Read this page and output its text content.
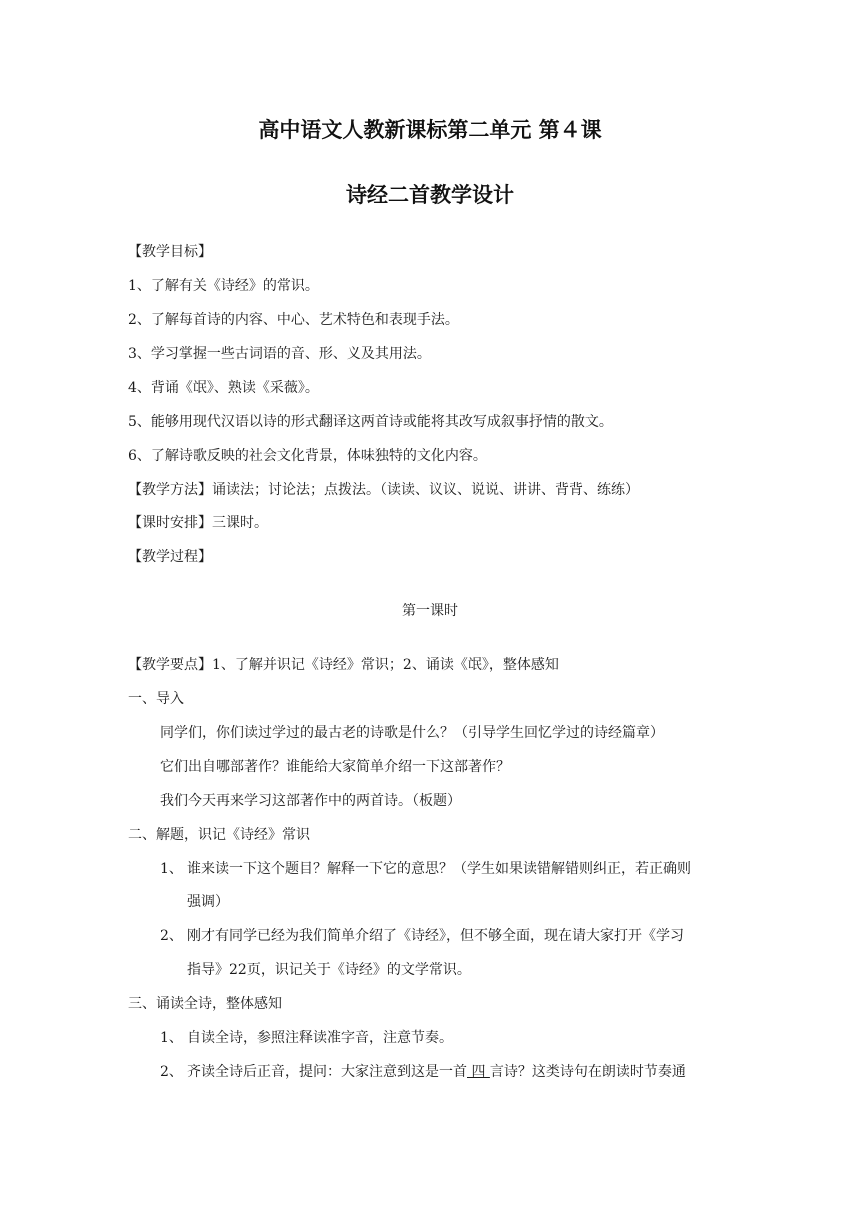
高中语文人教新课标第二单元 第４课
诗经二首教学设计
【教学目标】
1、了解有关《诗经》的常识。
2、了解每首诗的内容、中心、艺术特色和表现手法。
3、学习掌握一些古词语的音、形、义及其用法。
4、背诵《氓》、熟读《采薇》。
5、能够用现代汉语以诗的形式翻译这两首诗或能将其改写成叙事抒情的散文。
6、了解诗歌反映的社会文化背景，体味独特的文化内容。
【教学方法】诵读法；讨论法；点拨法。（读读、议议、说说、讲讲、背背、练练）
【课时安排】三课时。
【教学过程】
第一课时
【教学要点】1、了解并识记《诗经》常识；2、诵读《氓》，整体感知
一、导入
同学们，你们读过学过的最古老的诗歌是什么？（引导学生回忆学过的诗经篇章）
它们出自哪部著作？谁能给大家简单介绍一下这部著作？
我们今天再来学习这部著作中的两首诗。（板题）
二、解题，识记《诗经》常识
1、 谁来读一下这个题目？解释一下它的意思？（学生如果读错解错则纠正，若正确则
强调）
2、 刚才有同学已经为我们简单介绍了《诗经》，但不够全面，现在请大家打开《学习
指导》22页，识记关于《诗经》的文学常识。
三、诵读全诗，整体感知
1、 自读全诗，参照注释读准字音，注意节奏。
2、 齐读全诗后正音，提问：大家注意到这是一首 四 言诗？这类诗句在朗读时节奏通
